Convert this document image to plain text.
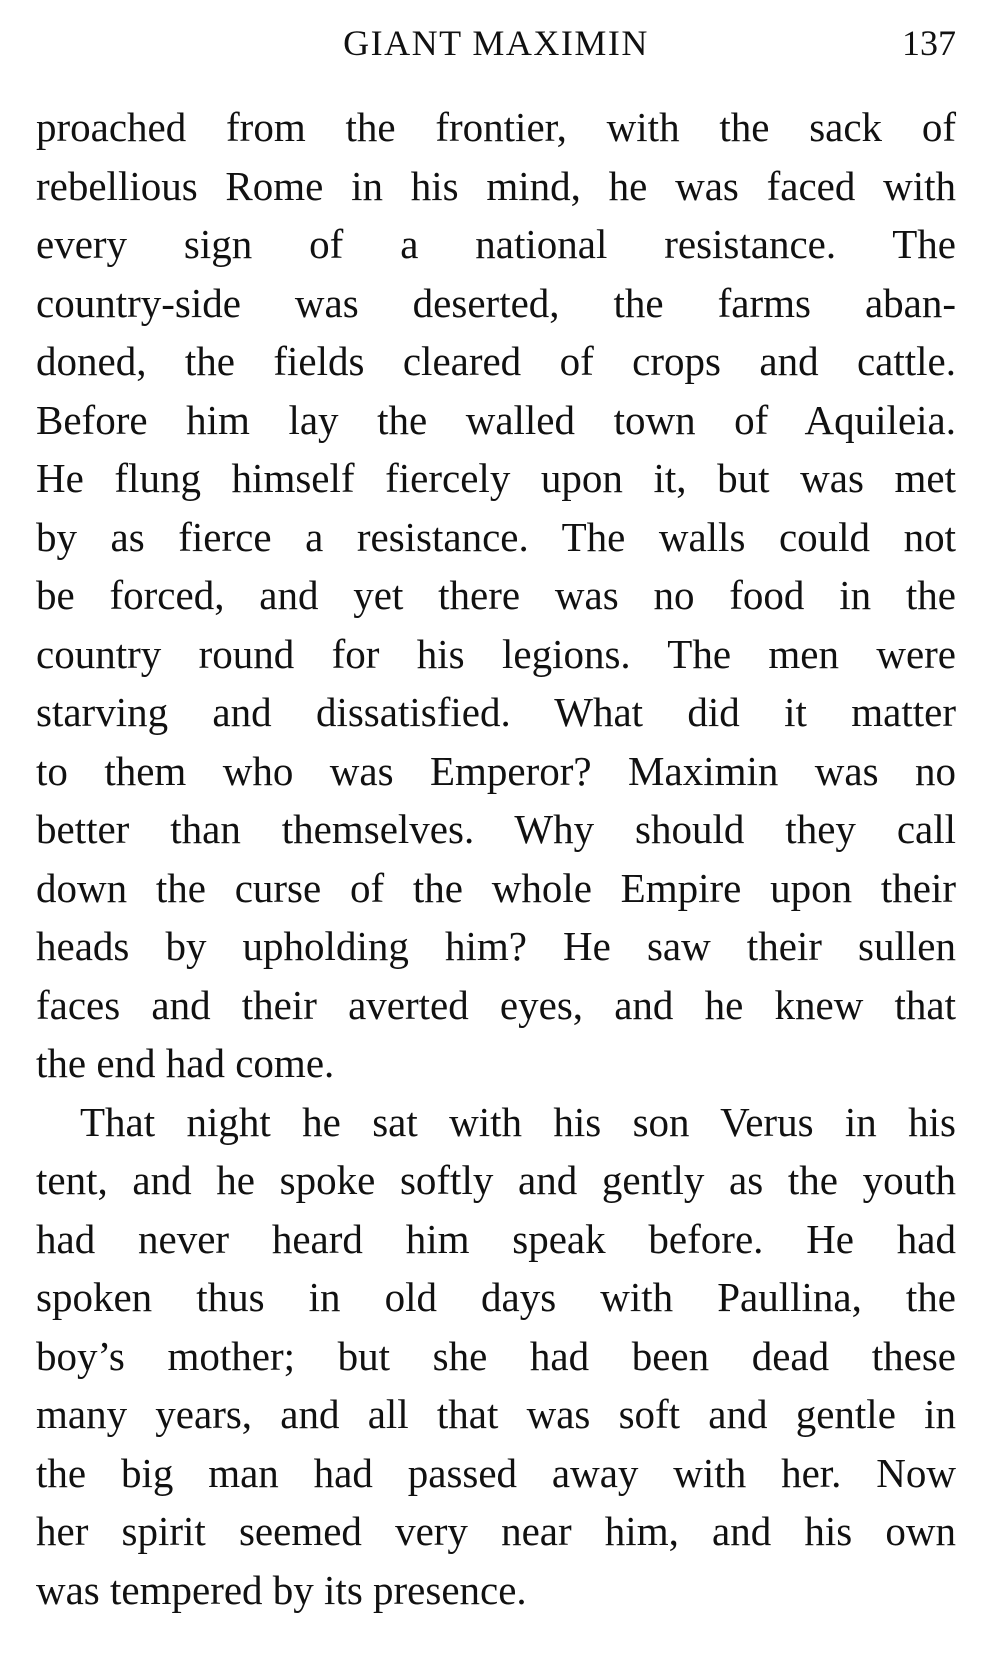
GIANT MAXIMIN	137
proached from the frontier, with the sack of
rebellious Rome in his mind, he was faced with
every sign of a national resistance. The
country-side was deserted, the farms aban-
doned, the fields cleared of crops and cattle.
Before him lay the walled town of Aquileia.
He flung himself fiercely upon it, but was met
by as fierce a resistance. The walls could not
be forced, and yet there was no food in the
country round for his legions. The men were
starving and dissatisfied. What did it matter
to them who was Emperor? Maximin was no
better than themselves. Why should they call
down the curse of the whole Empire upon their
heads by upholding him? He saw their sullen
faces and their averted eyes, and he knew that
the end had come.
That night he sat with his son Verus in his
tent, and he spoke softly and gently as the youth
had never heard him speak before. He had
spoken thus in old days with Paullina, the
boy’s mother; but she had been dead these
many years, and all that was soft and gentle in
the big man had passed away with her. Now
her spirit seemed very near him, and his own
was tempered by its presence.
